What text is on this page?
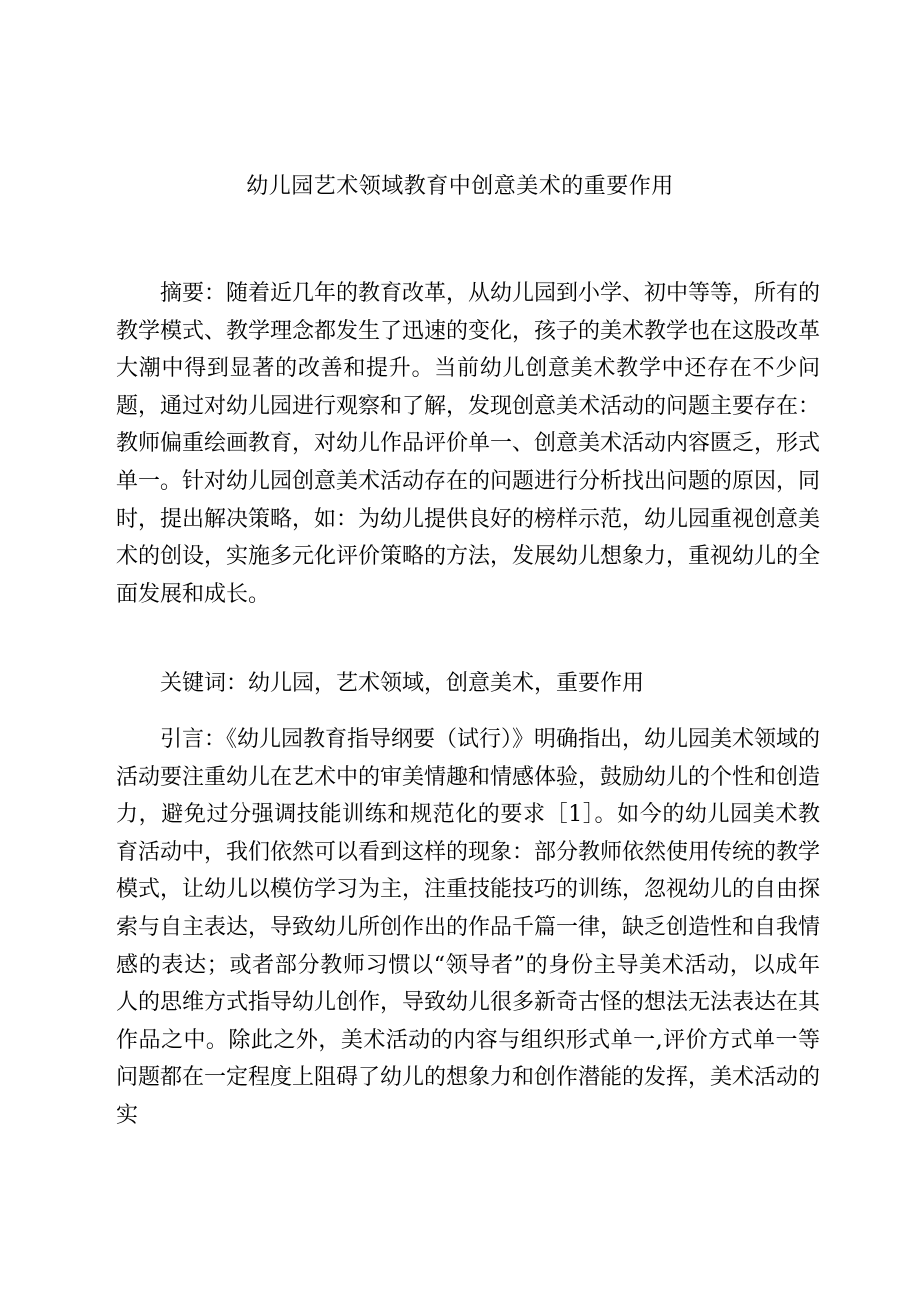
幼儿园艺术领域教育中创意美术的重要作用

摘要：随着近几年的教育改革，从幼儿园到小学、初中等等，所有的教学模式、教学理念都发生了迅速的变化，孩子的美术教学也在这股改革大潮中得到显著的改善和提升。当前幼儿创意美术教学中还存在不少问题，通过对幼儿园进行观察和了解，发现创意美术活动的问题主要存在：教师偏重绘画教育，对幼儿作品评价单一、创意美术活动内容匮乏，形式单一。针对幼儿园创意美术活动存在的问题进行分析找出问题的原因，同时，提出解决策略，如：为幼儿提供良好的榜样示范，幼儿园重视创意美术的创设，实施多元化评价策略的方法，发展幼儿想象力，重视幼儿的全面发展和成长。

关键词：幼儿园，艺术领域，创意美术，重要作用

引言：《幼儿园教育指导纲要（试行）》明确指出，幼儿园美术领域的活动要注重幼儿在艺术中的审美情趣和情感体验，鼓励幼儿的个性和创造力，避免过分强调技能训练和规范化的要求［1］。如今的幼儿园美术教育活动中，我们依然可以看到这样的现象：部分教师依然使用传统的教学模式，让幼儿以模仿学习为主，注重技能技巧的训练，忽视幼儿的自由探索与自主表达，导致幼儿所创作出的作品千篇一律，缺乏创造性和自我情感的表达；或者部分教师习惯以“领导者”的身份主导美术活动，以成年人的思维方式指导幼儿创作，导致幼儿很多新奇古怪的想法无法表达在其作品之中。除此之外，美术活动的内容与组织形式单一,评价方式单一等问题都在一定程度上阻碍了幼儿的想象力和创作潜能的发挥，美术活动的实
